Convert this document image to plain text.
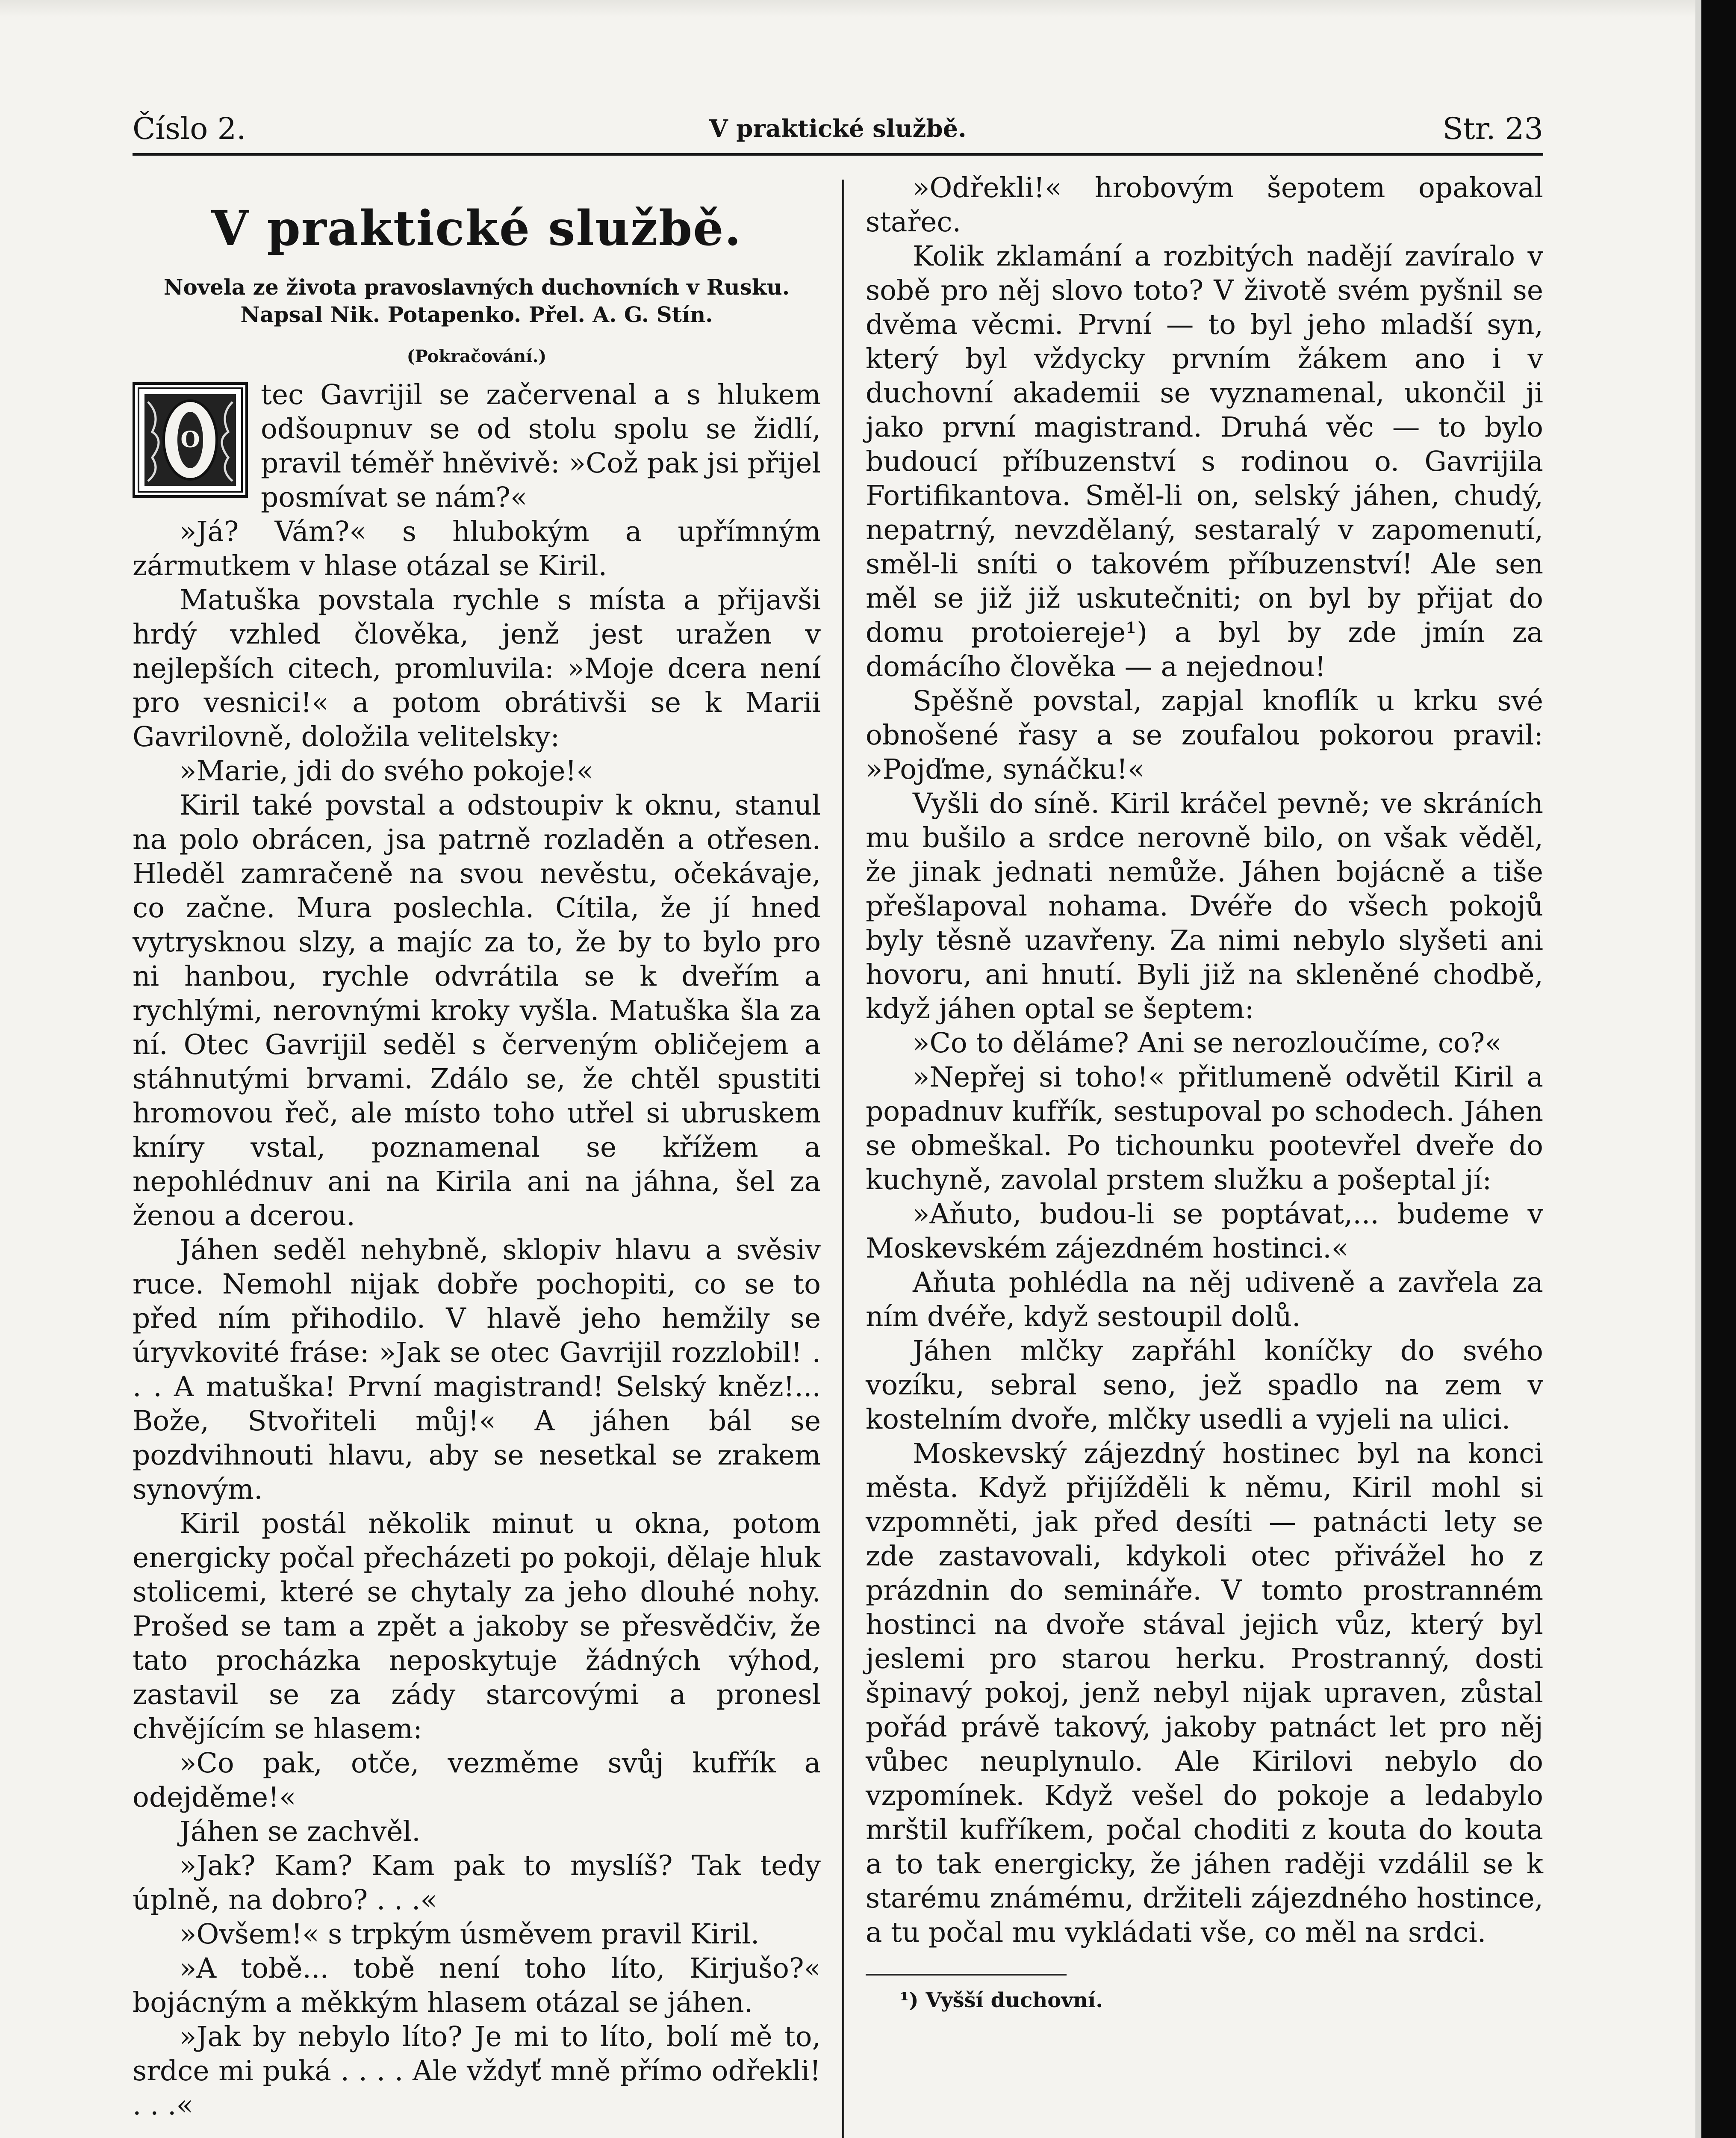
Číslo 2.	V praktické službě.	Str. 23
V praktické službě.
Novela ze života pravoslavných duchovních v Rusku.
Napsal Nik. Potapenko. Přel. A. G. Stín.
(Pokračování.)

O
tec Gavrijil se začervenal a s hlukem odšoupnuv se od stolu spolu se židlí, pravil téměř hněvivě: »Což pak jsi přijel posmívat se nám?«

»Já? Vám?« s hlubokým a upřímným zármutkem v hlase otázal se Kiril.

Matuška povstala rychle s místa a přijavši hrdý vzhled člověka, jenž jest uražen v nejlepších citech, promluvila: »Moje dcera není pro vesnici!« a potom obrátivši se k Marii Gavrilovně, doložila velitelsky:

»Marie, jdi do svého pokoje!«

Kiril také povstal a odstoupiv k oknu, stanul na polo obrácen, jsa patrně rozladěn a otřesen. Hleděl zamračeně na svou nevěstu, očekávaje, co začne. Mura poslechla. Cítila, že jí hned vytrysknou slzy, a majíc za to, že by to bylo pro ni hanbou, rychle odvrátila se k dveřím a rychlými, nerovnými kroky vyšla. Matuška šla za ní. Otec Gavrijil seděl s červeným obličejem a stáhnutými brvami. Zdálo se, že chtěl spustiti hromovou řeč, ale místo toho utřel si ubruskem kníry vstal, poznamenal se křížem a nepohlédnuv ani na Kirila ani na jáhna, šel za ženou a dcerou.

Jáhen seděl nehybně, sklopiv hlavu a svěsiv ruce. Nemohl nijak dobře pochopiti, co se to před ním přihodilo. V hlavě jeho hemžily se úryvkovité fráse: »Jak se otec Gavrijil rozzlobil! . . . A matuška! První magistrand! Selský kněz!... Bože, Stvořiteli můj!« A jáhen bál se pozdvihnouti hlavu, aby se nesetkal se zrakem synovým.

Kiril postál několik minut u okna, potom energicky počal přecházeti po pokoji, dělaje hluk stolicemi, které se chytaly za jeho dlouhé nohy. Prošed se tam a zpět a jakoby se přesvědčiv, že tato procházka neposkytuje žádných výhod, zastavil se za zády starcovými a pronesl chvějícím se hlasem:

»Co pak, otče, vezměme svůj kufřík a odejděme!«

Jáhen se zachvěl.

»Jak? Kam? Kam pak to myslíš? Tak tedy úplně, na dobro? . . .«

»Ovšem!« s trpkým úsměvem pravil Kiril.

»A tobě... tobě není toho líto, Kirjušo?« bojácným a měkkým hlasem otázal se jáhen.

»Jak by nebylo líto? Je mi to líto, bolí mě to, srdce mi puká . . . . Ale vždyť mně přímo odřekli! . . .«

»Odřekli!« hrobovým šepotem opakoval stařec.

Kolik zklamání a rozbitých nadějí zavíralo v sobě pro něj slovo toto? V životě svém pyšnil se dvěma věcmi. První — to byl jeho mladší syn, který byl vždycky prvním žákem ano i v duchovní akademii se vyznamenal, ukončil ji jako první magistrand. Druhá věc — to bylo budoucí příbuzenství s rodinou o. Gavrijila Fortifikantova. Směl-li on, selský jáhen, chudý, nepatrný, nevzdělaný, sestaralý v zapomenutí, směl-li sníti o takovém příbuzenství! Ale sen měl se již již uskutečniti; on byl by přijat do domu protoiereje¹) a byl by zde jmín za domácího člověka — a nejednou!

Spěšně povstal, zapjal knoflík u krku své obnošené řasy a se zoufalou pokorou pravil: »Pojďme, synáčku!«

Vyšli do síně. Kiril kráčel pevně; ve skráních mu bušilo a srdce nerovně bilo, on však věděl, že jinak jednati nemůže. Jáhen bojácně a tiše přešlapoval nohama. Dvéře do všech pokojů byly těsně uzavřeny. Za nimi nebylo slyšeti ani hovoru, ani hnutí. Byli již na skleněné chodbě, když jáhen optal se šeptem:

»Co to děláme? Ani se nerozloučíme, co?«

»Nepřej si toho!« přitlumeně odvětil Kiril a popadnuv kufřík, sestupoval po schodech. Jáhen se obmeškal. Po tichounku pootevřel dveře do kuchyně, zavolal prstem služku a pošeptal jí:

»Aňuto, budou-li se poptávat,... budeme v Moskevském zájezdném hostinci.«

Aňuta pohlédla na něj udiveně a zavřela za ním dvéře, když sestoupil dolů.

Jáhen mlčky zapřáhl koníčky do svého vozíku, sebral seno, jež spadlo na zem v kostelním dvoře, mlčky usedli a vyjeli na ulici.

Moskevský zájezdný hostinec byl na konci města. Když přijížděli k němu, Kiril mohl si vzpomněti, jak před desíti — patnácti lety se zde zastavovali, kdykoli otec přivážel ho z prázdnin do semináře. V tomto prostranném hostinci na dvoře stával jejich vůz, který byl jeslemi pro starou herku. Prostranný, dosti špinavý pokoj, jenž nebyl nijak upraven, zůstal pořád právě takový, jakoby patnáct let pro něj vůbec neuplynulo. Ale Kirilovi nebylo do vzpomínek. Když vešel do pokoje a ledabylo mrštil kufříkem, počal choditi z kouta do kouta a to tak energicky, že jáhen raději vzdálil se k starému známému, držiteli zájezdného hostince, a tu počal mu vykládati vše, co měl na srdci.

¹) Vyšší duchovní.
